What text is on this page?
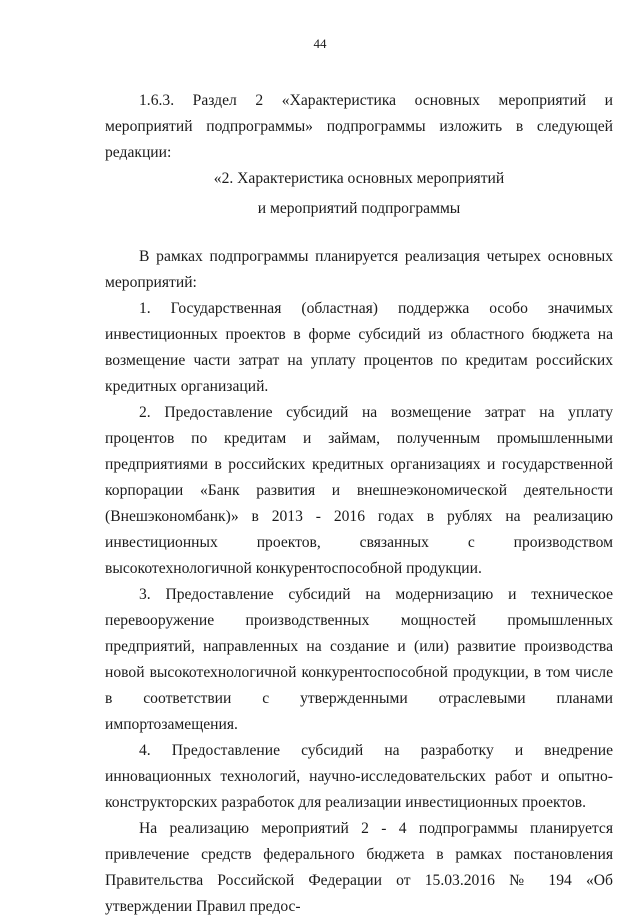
44

1.6.3. Раздел 2 «Характеристика основных мероприятий и мероприятий подпрограммы» подпрограммы изложить в следующей редакции:

«2. Характеристика основных мероприятий
и мероприятий подпрограммы

В рамках подпрограммы планируется реализация четырех основных мероприятий:

1. Государственная (областная) поддержка особо значимых инвестиционных проектов в форме субсидий из областного бюджета на возмещение части затрат на уплату процентов по кредитам российских кредитных организаций.

2. Предоставление субсидий на возмещение затрат на уплату процентов по кредитам и займам, полученным промышленными предприятиями в российских кредитных организациях и государственной корпорации «Банк развития и внешнеэкономической деятельности (Внешэкономбанк)» в 2013 - 2016 годах в рублях на реализацию инвестиционных проектов, связанных с производством высокотехнологичной конкурентоспособной продукции.

3. Предоставление субсидий на модернизацию и техническое перевооружение производственных мощностей промышленных предприятий, направленных на создание и (или) развитие производства новой высокотехнологичной конкурентоспособной продукции, в том числе в соответствии с утвержденными отраслевыми планами импортозамещения.

4. Предоставление субсидий на разработку и внедрение инновационных технологий, научно-исследовательских работ и опытно-конструкторских разработок для реализации инвестиционных проектов.

На реализацию мероприятий 2 - 4 подпрограммы планируется привлечение средств федерального бюджета в рамках постановления Правительства Российской Федерации от 15.03.2016 № 194 «Об утверждении Правил предос-
